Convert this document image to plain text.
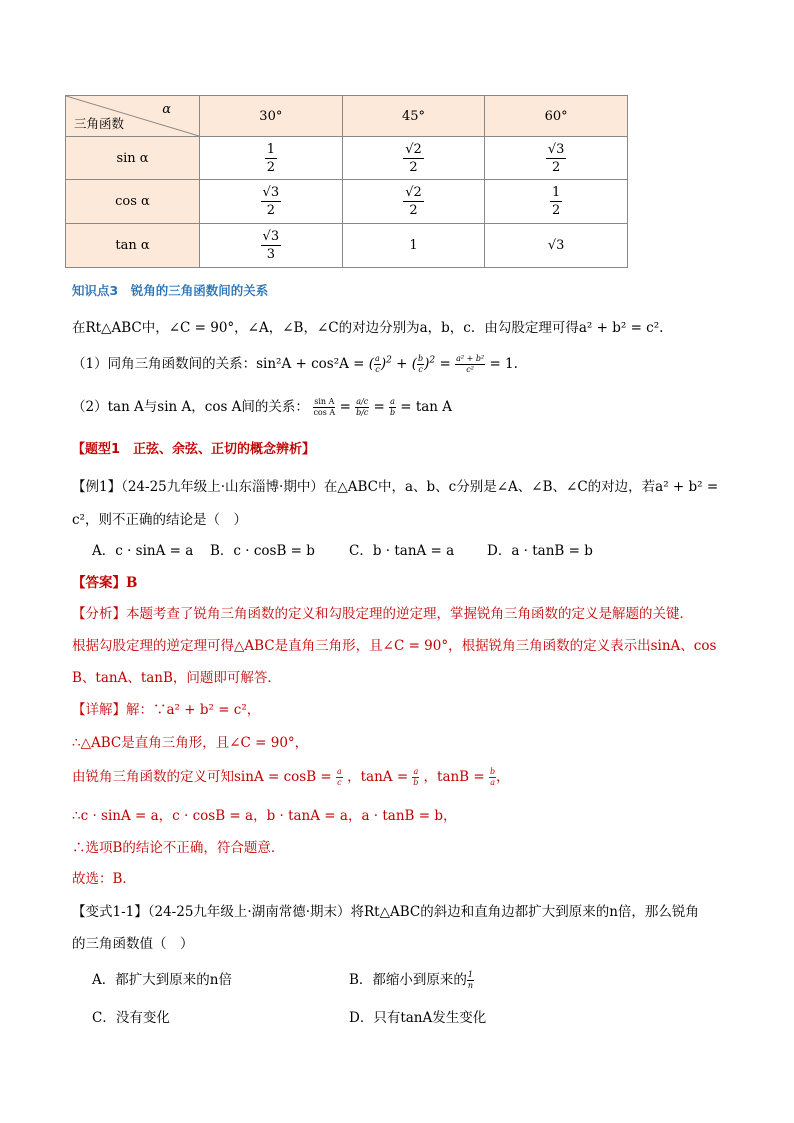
α
三角函数	30°	45°	60°
sin α	$\frac{1}{2}$	$\frac{√2}{2}$	$\frac{√3}{2}$

cos α	$\frac{√3}{2}$	$\frac{√2}{2}$	$\frac{1}{2}$

tan α	$\frac{√3}{3}$	1	√3
知识点3　锐角的三角函数间的关系
在Rt△ABC中，∠C = 90°，∠A，∠B，∠C的对边分别为a，b，c．由勾股定理可得a² + b² = c².
（1）同角三角函数间的关系：sin²A + cos²A = ( $\frac{a}{c} )^2$ + ( $\frac{b}{c} )^2 = \frac{\text{a² + b²}}{\text{c²}} = 1$.
（2）tan A与sin A，cos A间的关系： $\frac{\text{sin A}}{\text{cos A}} = \frac{a/c}{b/c} = \frac{a}{b} = \tan A$
【题型1　正弦、余弦、正切的概念辨析】
【例1】（24-25九年级上·山东淄博·期中）在△ABC中，a、b、c分别是∠A、∠B、∠C的对边，若a² + b² =
c²，则不正确的结论是（　）
A．c · sinA = a B．c · cosB = b	C．b · tanA = a D．a · tanB = b
【答案】B
【分析】本题考查了锐角三角函数的定义和勾股定理的逆定理，掌握锐角三角函数的定义是解题的关键．
根据勾股定理的逆定理可得△ABC是直角三角形，且∠C = 90°，根据锐角三角函数的定义表示出sinA、cos
B、tanA、tanB，问题即可解答．
【详解】解：∵a² + b² = c²，
∴△ABC是直角三角形，且∠C = 90°，
由锐角三角函数的定义可知$\sin A = \cos B = \frac{a}{c}$ ，$\tan A = \frac{a}{b}$ ，$\tan B = \frac{b}{a}$ ，
∴c · sinA = a，c · cosB = a，b · tanA = a，a · tanB = b，
∴选项B的结论不正确，符合题意．
故选：B．
【变式1-1】（24-25九年级上·湖南常德·期末）将Rt△ABC的斜边和直角边都扩大到原来的n倍，那么锐角
的三角函数值（　）
A．都扩大到原来的n倍	B．都缩小到原来的 $\frac{1}{n}$
C．没有变化	D．只有tanA发生变化
